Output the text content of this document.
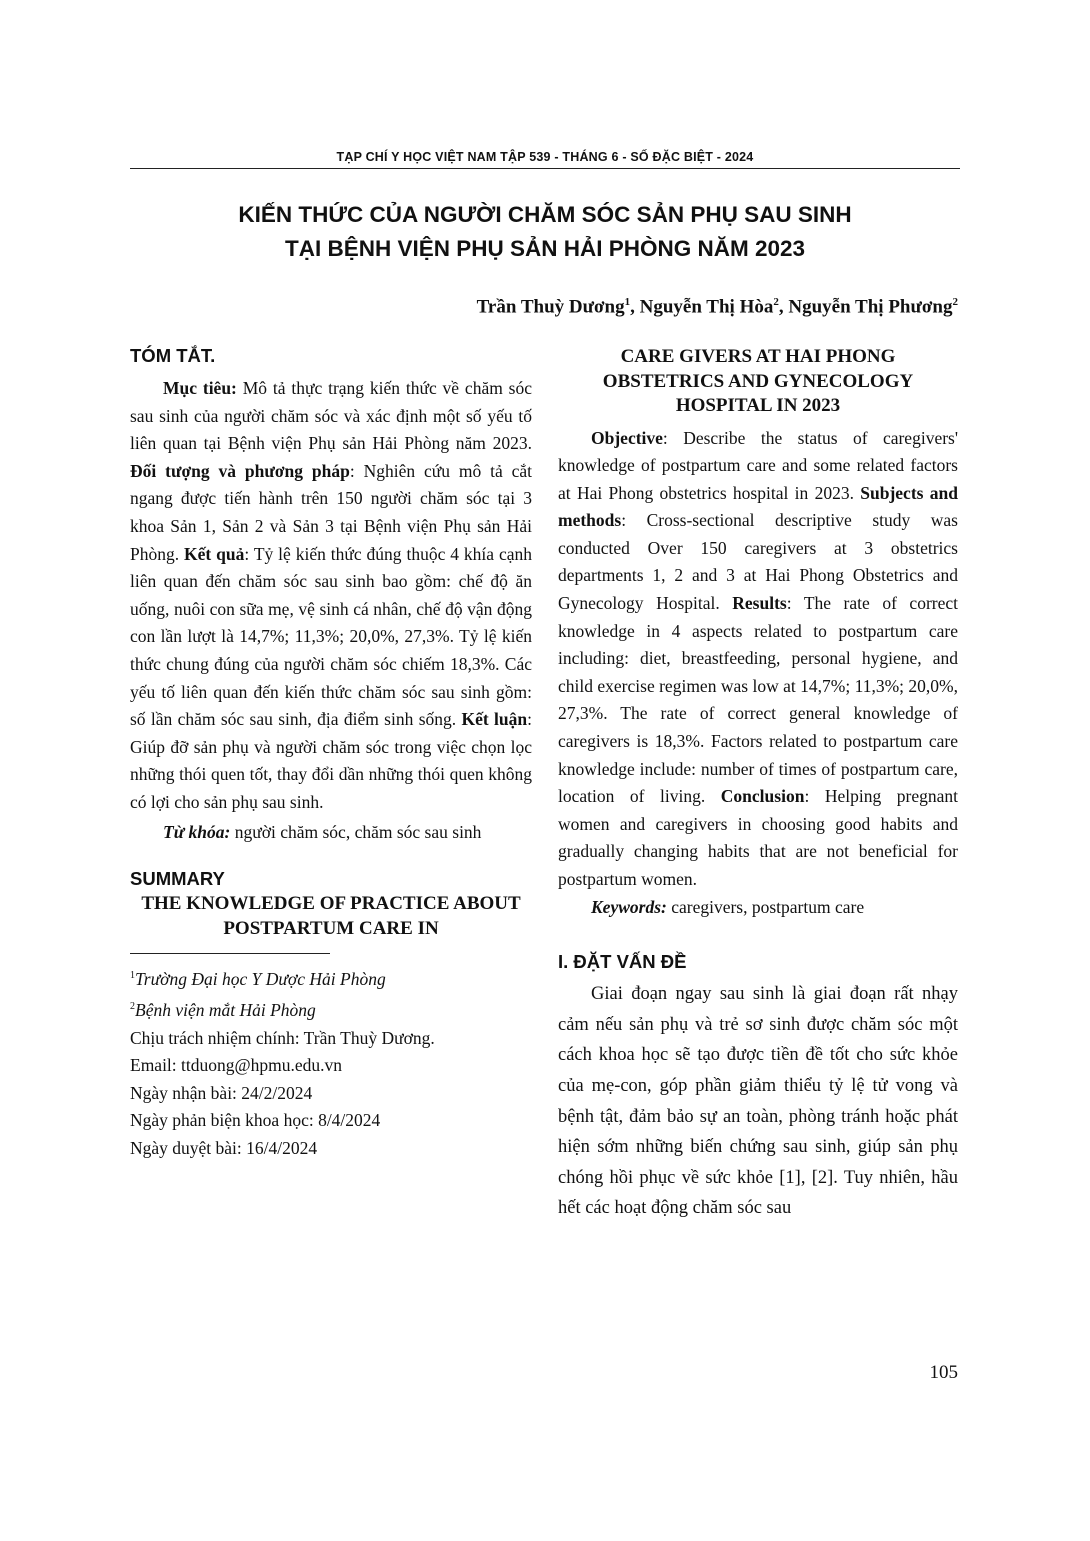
TẠP CHÍ Y HỌC VIỆT NAM TẬP 539 - THÁNG 6 - SỐ ĐẶC BIỆT - 2024
KIẾN THỨC CỦA NGƯỜI CHĂM SÓC SẢN PHỤ SAU SINH
TẠI BỆNH VIỆN PHỤ SẢN HẢI PHÒNG NĂM 2023
Trần Thuỳ Dương$^1$, Nguyễn Thị Hòa$^2$, Nguyễn Thị Phương$^2$

TÓM TẮT.

Mục tiêu: Mô tả thực trạng kiến thức về chăm sóc sau sinh của người chăm sóc và xác định một số yếu tố liên quan tại Bệnh viện Phụ sản Hải Phòng năm 2023. Đối tượng và phương pháp: Nghiên cứu mô tả cắt ngang được tiến hành trên 150 người chăm sóc tại 3 khoa Sản 1, Sản 2 và Sản 3 tại Bệnh viện Phụ sản Hải Phòng. Kết quả: Tỷ lệ kiến thức đúng thuộc 4 khía cạnh liên quan đến chăm sóc sau sinh bao gồm: chế độ ăn uống, nuôi con sữa mẹ, vệ sinh cá nhân, chế độ vận động con lần lượt là 14,7%; 11,3%; 20,0%, 27,3%. Tỷ lệ kiến thức chung đúng của người chăm sóc chiếm 18,3%. Các yếu tố liên quan đến kiến thức chăm sóc sau sinh gồm: số lần chăm sóc sau sinh, địa điểm sinh sống. Kết luận: Giúp đỡ sản phụ và người chăm sóc trong việc chọn lọc những thói quen tốt, thay đổi dần những thói quen không có lợi cho sản phụ sau sinh.

Từ khóa: người chăm sóc, chăm sóc sau sinh

SUMMARY

THE KNOWLEDGE OF PRACTICE ABOUT POSTPARTUM CARE IN

$^1$Trường Đại học Y Dược Hải Phòng

$^2$Bệnh viện mắt Hải Phòng

Chịu trách nhiệm chính: Trần Thuỳ Dương.

Email: ttduong@hpmu.edu.vn

Ngày nhận bài: 24/2/2024

Ngày phản biện khoa học: 8/4/2024

Ngày duyệt bài: 16/4/2024

CARE GIVERS AT HAI PHONG OBSTETRICS AND GYNECOLOGY HOSPITAL IN 2023

Objective: Describe the status of caregivers' knowledge of postpartum care and some related factors at Hai Phong obstetrics hospital in 2023. Subjects and methods: Cross-sectional descriptive study was conducted Over 150 caregivers at 3 obstetrics departments 1, 2 and 3 at Hai Phong Obstetrics and Gynecology Hospital. Results: The rate of correct knowledge in 4 aspects related to postpartum care including: diet, breastfeeding, personal hygiene, and child exercise regimen was low at 14,7%; 11,3%; 20,0%, 27,3%. The rate of correct general knowledge of caregivers is 18,3%. Factors related to postpartum care knowledge include: number of times of postpartum care, location of living. Conclusion: Helping pregnant women and caregivers in choosing good habits and gradually changing habits that are not beneficial for postpartum women.

Keywords: caregivers, postpartum care

I. ĐẶT VẤN ĐỀ

Giai đoạn ngay sau sinh là giai đoạn rất nhạy cảm nếu sản phụ và trẻ sơ sinh được chăm sóc một cách khoa học sẽ tạo được tiền đề tốt cho sức khỏe của mẹ-con, góp phần giảm thiểu tỷ lệ tử vong và bệnh tật, đảm bảo sự an toàn, phòng tránh hoặc phát hiện sớm những biến chứng sau sinh, giúp sản phụ chóng hồi phục về sức khỏe [1], [2]. Tuy nhiên, hầu hết các hoạt động chăm sóc sau

105
